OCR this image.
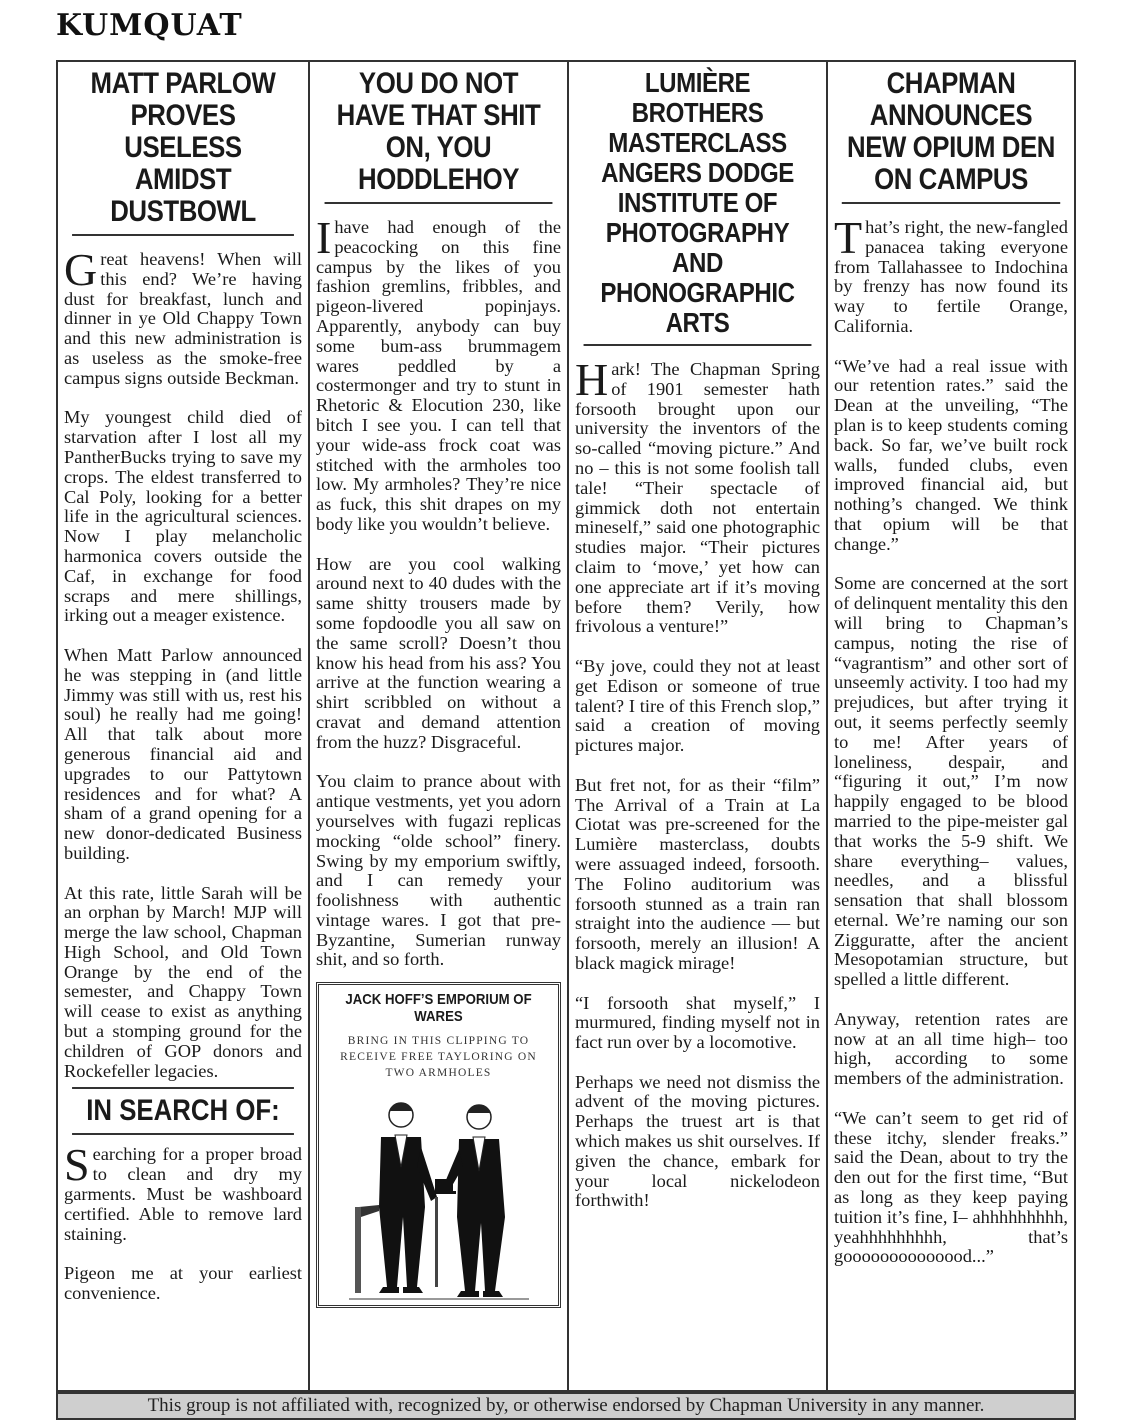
KUMQUAT
MATT PARLOW PROVES USELESS AMIDST DUSTBOWL

Great heavens! When will this end? We’re having dust for breakfast, lunch and dinner in ye Old Chappy Town and this new administration is as useless as the smoke-free campus signs outside Beckman.

My youngest child died of starvation after I lost all my PantherBucks trying to save my crops. The eldest transferred to Cal Poly, looking for a better life in the agricultural sciences. Now I play melancholic harmonica covers outside the Caf, in exchange for food scraps and mere shillings, irking out a meager existence.

When Matt Parlow announced he was stepping in (and little Jimmy was still with us, rest his soul) he really had me going! All that talk about more generous financial aid and upgrades to our Pattytown residences and for what? A sham of a grand opening for a new donor-dedicated Business building.

At this rate, little Sarah will be an orphan by March! MJP will merge the law school, Chapman High School, and Old Town Orange by the end of the semester, and Chappy Town will cease to exist as anything but a stomping ground for the children of GOP donors and Rockefeller legacies.

IN SEARCH OF:

Searching for a proper broad to clean and dry my garments. Must be washboard certified. Able to remove lard staining.

Pigeon me at your earliest convenience.

YOU DO NOT HAVE THAT SHIT ON, YOU HODDLEHOY

Ihave had enough of the peacocking on this fine campus by the likes of you fashion gremlins, fribbles, and pigeon-livered popinjays. Apparently, anybody can buy some bum-ass brummagem wares peddled by a costermonger and try to stunt in Rhetoric & Elocution 230, like bitch I see you. I can tell that your wide-ass frock coat was stitched with the armholes too low. My armholes? They’re nice as fuck, this shit drapes on my body like you wouldn’t believe.

How are you cool walking around next to 40 dudes with the same shitty trousers made by some fopdoodle you all saw on the same scroll? Doesn’t thou know his head from his ass? You arrive at the function wearing a shirt scribbled on without a cravat and demand attention from the huzz? Disgraceful.

You claim to prance about with antique vestments, yet you adorn yourselves with fugazi replicas mocking “olde school” finery. Swing by my emporium swiftly, and I can remedy your foolishness with authentic vintage wares. I got that pre-Byzantine, Sumerian runway shit, and so forth.

JACK HOFF’S EMPORIUM OF WARES
BRING IN THIS CLIPPING TO RECEIVE FREE TAYLORING ON TWO ARMHOLES
LUMIÈRE BROTHERS MASTERCLASS ANGERS DODGE INSTITUTE OF PHOTOGRAPHY AND PHONOGRAPHIC ARTS

Hark! The Chapman Spring of 1901 semester hath forsooth brought upon our university the inventors of the so-called “moving picture.” And no – this is not some foolish tall tale! “Their spectacle of gimmick doth not entertain mineself,” said one photographic studies major. “Their pictures claim to ‘move,’ yet how can one appreciate art if it’s moving before them? Verily, how frivolous a venture!”

“By jove, could they not at least get Edison or someone of true talent? I tire of this French slop,” said a creation of moving pictures major.

But fret not, for as their “film” The Arrival of a Train at La Ciotat was pre-screened for the Lumière masterclass, doubts were assuaged indeed, forsooth. The Folino auditorium was forsooth stunned as a train ran straight into the audience — but forsooth, merely an illusion! A black magick mirage!

“I forsooth shat myself,” I murmured, finding myself not in fact run over by a locomotive.

Perhaps we need not dismiss the advent of the moving pictures. Perhaps the truest art is that which makes us shit ourselves. If given the chance, embark for your local nickelodeon forthwith!

CHAPMAN ANNOUNCES NEW OPIUM DEN ON CAMPUS

That’s right, the new-fangled panacea taking everyone from Tallahassee to Indochina by frenzy has now found its way to fertile Orange, California.

“We’ve had a real issue with our retention rates.” said the Dean at the unveiling, “The plan is to keep students coming back. So far, we’ve built rock walls, funded clubs, even improved financial aid, but nothing’s changed. We think that opium will be that change.”

Some are concerned at the sort of delinquent mentality this den will bring to Chapman’s campus, noting the rise of “vagrantism” and other sort of unseemly activity. I too had my prejudices, but after trying it out, it seems perfectly seemly to me! After years of loneliness, despair, and “figuring it out,” I’m now happily engaged to be blood married to the pipe-meister gal that works the 5-9 shift. We share everything– values, needles, and a blissful sensation that shall blossom eternal. We’re naming our son Zigguratte, after the ancient Mesopotamian structure, but spelled a little different.

Anyway, retention rates are now at an all time high– too high, according to some members of the administration.

“We can’t seem to get rid of these itchy, slender freaks.” said the Dean, about to try the den out for the first time, “But as long as they keep paying tuition it’s fine, I– ahhhhhhhhh, yeahhhhhhhhh, that’s goooooooooooood...”

This group is not affiliated with, recognized by, or otherwise endorsed by Chapman University in any manner.
